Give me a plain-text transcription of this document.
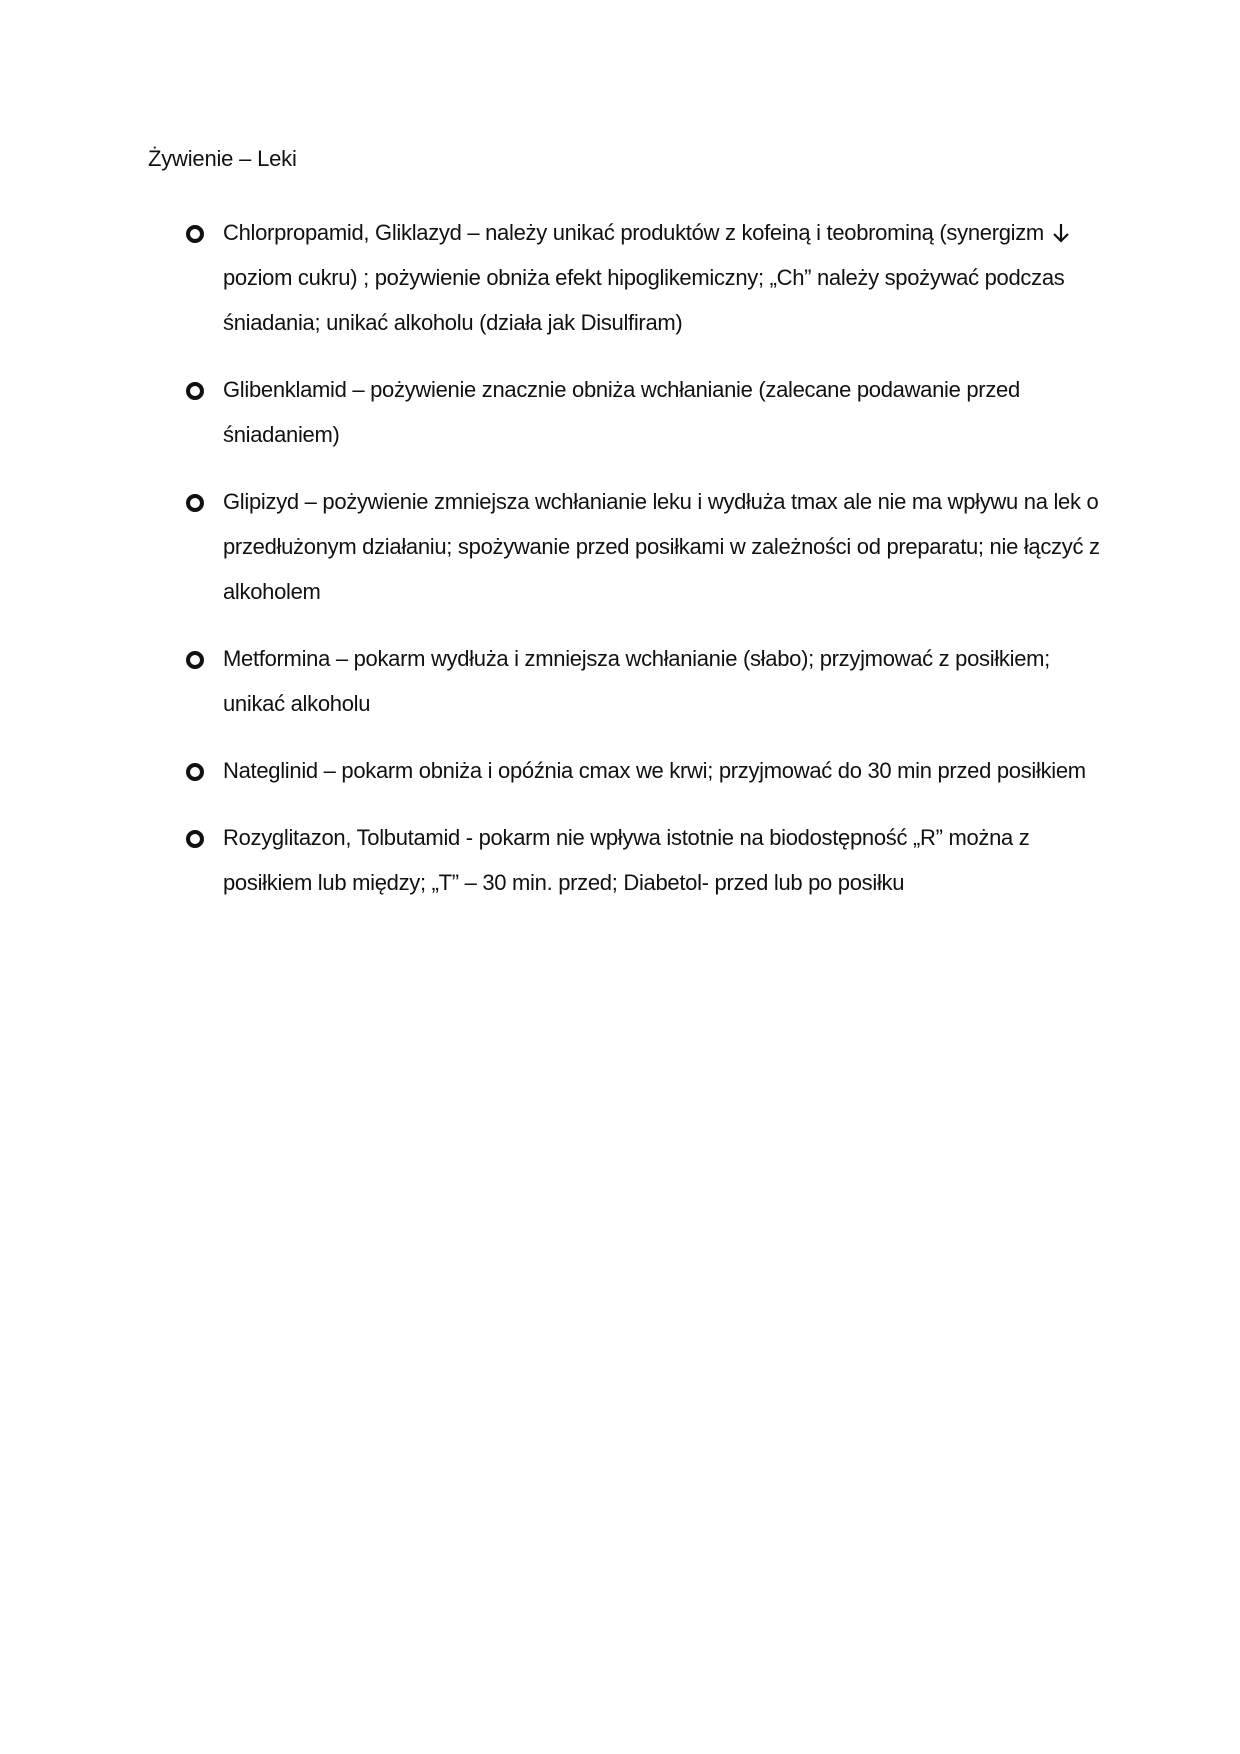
Żywienie – Leki
Chlorpropamid, Gliklazyd – należy unikać produktów z kofeiną i teobrominą (synergizm  poziom cukru) ; pożywienie obniża efekt hipoglikemiczny; „Ch” należy spożywać podczas śniadania; unikać alkoholu (działa jak Disulfiram)
Glibenklamid – pożywienie znacznie obniża wchłanianie (zalecane podawanie przed śniadaniem)
Glipizyd – pożywienie zmniejsza wchłanianie leku i wydłuża tmax ale nie ma wpływu na lek o przedłużonym działaniu; spożywanie przed posiłkami w zależności od preparatu; nie łączyć z alkoholem
Metformina – pokarm wydłuża i zmniejsza wchłanianie (słabo); przyjmować z posiłkiem; unikać alkoholu
Nateglinid – pokarm obniża i opóźnia cmax we krwi; przyjmować do 30 min przed posiłkiem
Rozyglitazon, Tolbutamid - pokarm nie wpływa istotnie na biodostępność „R” można z posiłkiem lub między; „T” – 30 min. przed; Diabetol- przed lub po posiłku
